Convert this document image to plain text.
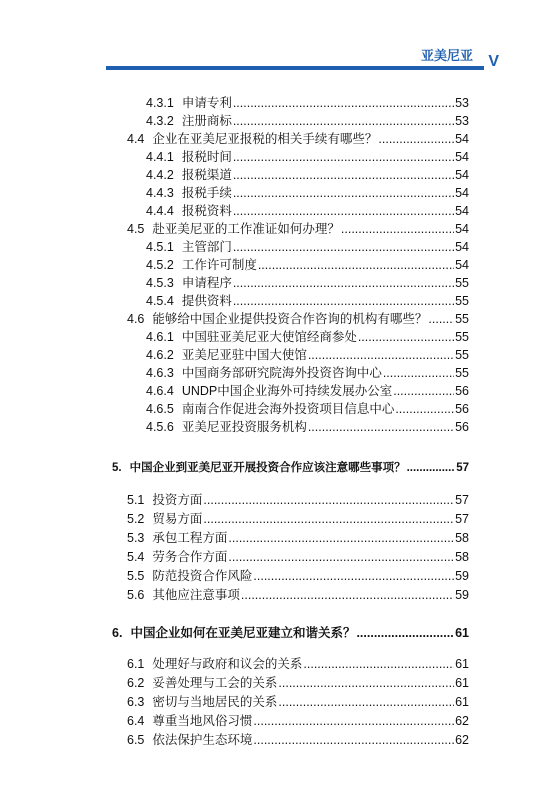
亚美尼亚 V
4.3.1 申请专利 .....	53
4.3.2 注册商标 .....	53
4.4 企业在亚美尼亚报税的相关手续有哪些？ .....	54
4.4.1 报税时间 .....	54
4.4.2 报税渠道 .....	54
4.4.3 报税手续 .....	54
4.4.4 报税资料 .....	54
4.5 赴亚美尼亚的工作准证如何办理？ .....	54
4.5.1 主管部门 .....	54
4.5.2 工作许可制度 .....	54
4.5.3 申请程序 .....	55
4.5.4 提供资料 .....	55
4.6 能够给中国企业提供投资合作咨询的机构有哪些？ ..... 55
4.6.1 中国驻亚美尼亚大使馆经商参处 .....	55
4.6.2 亚美尼亚驻中国大使馆 .....	55
4.6.3 中国商务部研究院海外投资咨询中心 .....	55
4.6.4 UNDP中国企业海外可持续发展办公室 .....	56
4.6.5 南南合作促进会海外投资项目信息中心 .....	56
4.5.6 亚美尼亚投资服务机构 .....	56
5. 中国企业到亚美尼亚开展投资合作应该注意哪些事项？ .....	57
5.1 投资方面 .....	57
5.2 贸易方面 .....	57
5.3 承包工程方面 .....	58
5.4 劳务合作方面 .....	58
5.5 防范投资合作风险 .....	59
5.6 其他应注意事项 .....	59
6. 中国企业如何在亚美尼亚建立和谐关系？ .....	61
6.1 处理好与政府和议会的关系 .....	61
6.2 妥善处理与工会的关系 .....	61
6.3 密切与当地居民的关系 .....	61
6.4 尊重当地风俗习惯 .....	62
6.5 依法保护生态环境 .....	62
